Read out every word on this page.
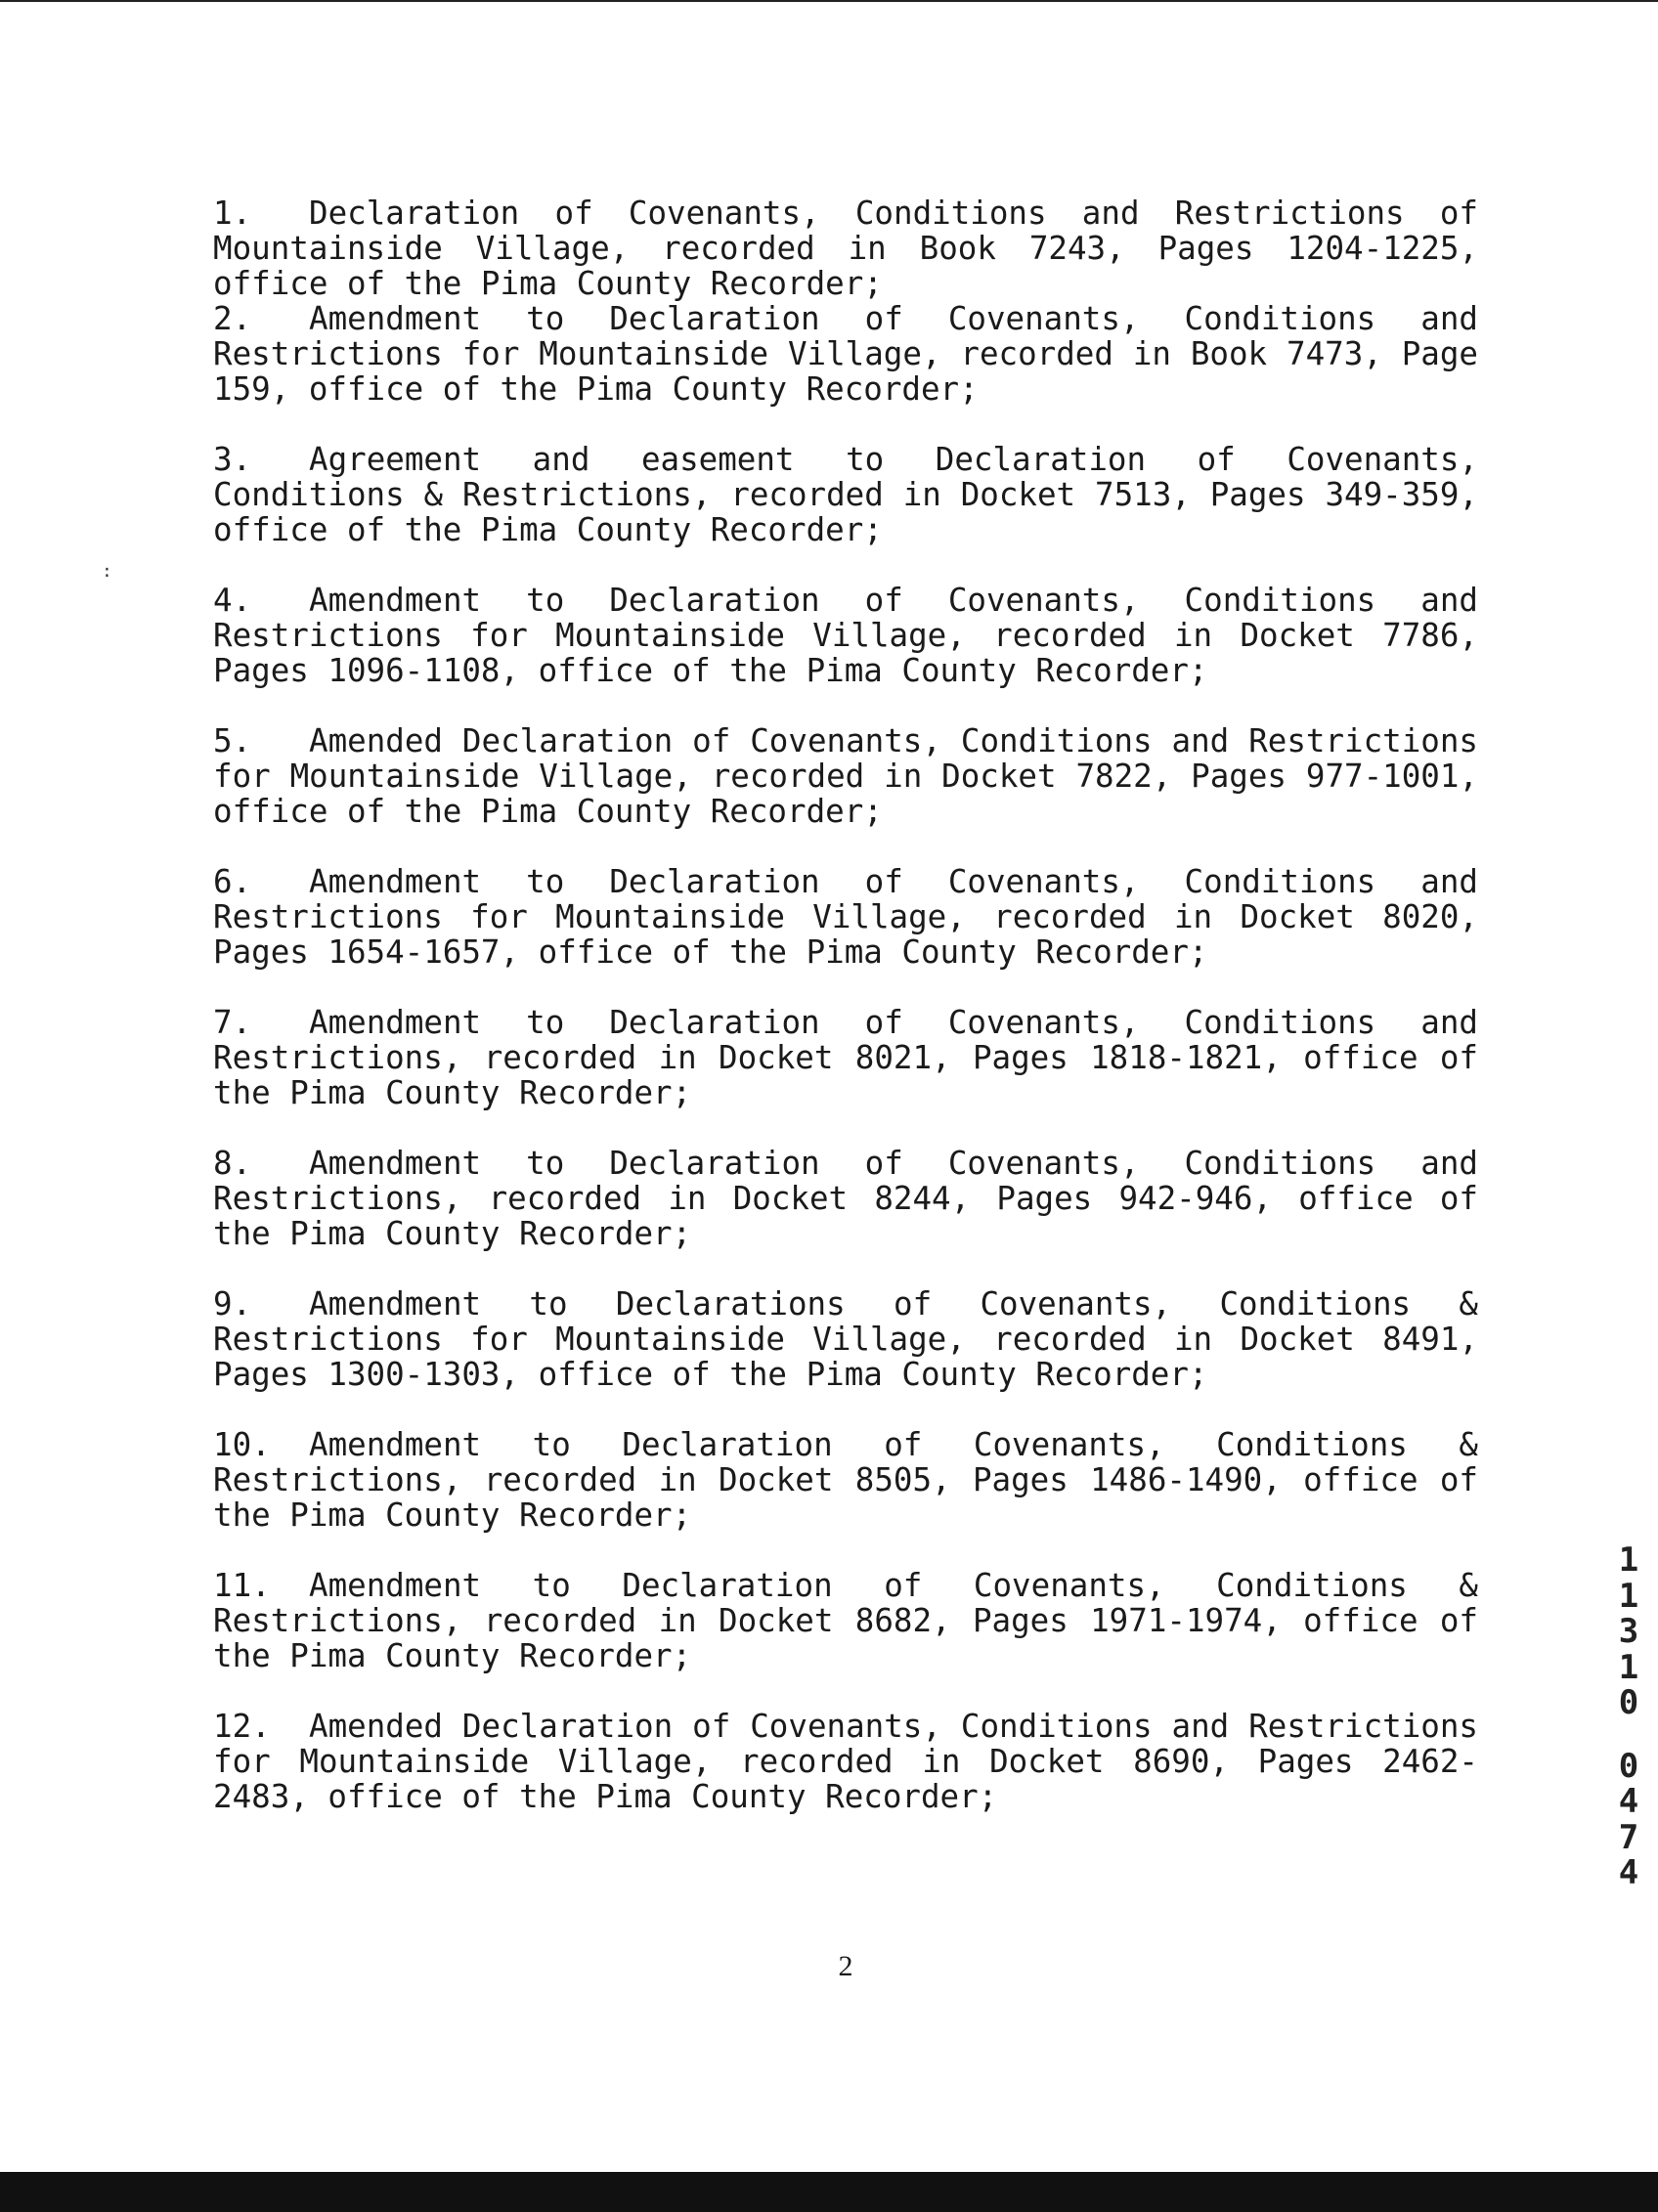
:

1. Declaration of Covenants, Conditions and Restrictions of Mountainside Village, recorded in Book 7243, Pages 1204-1225, office of the Pima County Recorder;

2. Amendment to Declaration of Covenants, Conditions and Restrictions for Mountainside Village, recorded in Book 7473, Page 159, office of the Pima County Recorder;

3. Agreement and easement to Declaration of Covenants, Conditions & Restrictions, recorded in Docket 7513, Pages 349-359, office of the Pima County Recorder;

4. Amendment to Declaration of Covenants, Conditions and Restrictions for Mountainside Village, recorded in Docket 7786, Pages 1096-1108, office of the Pima County Recorder;

5. Amended Declaration of Covenants, Conditions and Restrictions for Mountainside Village, recorded in Docket 7822, Pages 977-1001, office of the Pima County Recorder;

6. Amendment to Declaration of Covenants, Conditions and Restrictions for Mountainside Village, recorded in Docket 8020, Pages 1654-1657, office of the Pima County Recorder;

7. Amendment to Declaration of Covenants, Conditions and Restrictions, recorded in Docket 8021, Pages 1818-1821, office of the Pima County Recorder;

8. Amendment to Declaration of Covenants, Conditions and Restrictions, recorded in Docket 8244, Pages 942-946, office of the Pima County Recorder;

9. Amendment to Declarations of Covenants, Conditions & Restrictions for Mountainside Village, recorded in Docket 8491, Pages 1300-1303, office of the Pima County Recorder;

10. Amendment to Declaration of Covenants, Conditions & Restrictions, recorded in Docket 8505, Pages 1486-1490, office of the Pima County Recorder;

11. Amendment to Declaration of Covenants, Conditions & Restrictions, recorded in Docket 8682, Pages 1971-1974, office of the Pima County Recorder;

12. Amended Declaration of Covenants, Conditions and Restrictions for Mountainside Village, recorded in Docket 8690, Pages 2462-2483, office of the Pima County Recorder;

2
1
1
3
1
0
0
4
7
4
